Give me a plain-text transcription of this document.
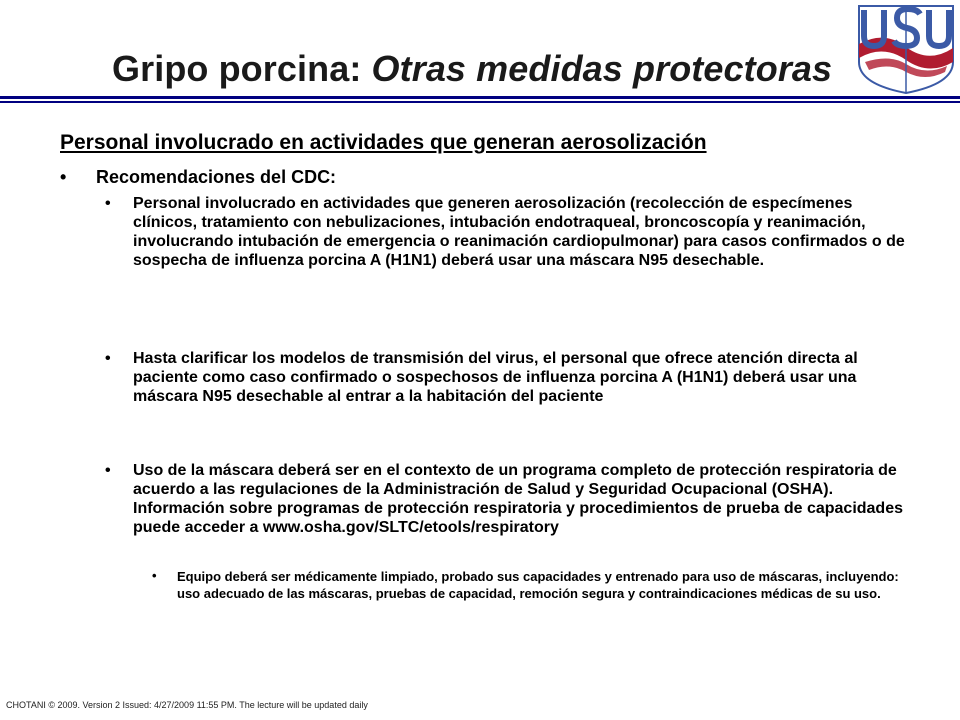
Gripo porcina: Otras medidas protectoras
Personal involucrado en actividades que generan aerosolización
• Recomendaciones del CDC:
• Personal involucrado en actividades que generen aerosolización (recolección de especímenes clínicos, tratamiento con nebulizaciones, intubación endotraqueal, broncoscopía y reanimación, involucrando intubación de emergencia o reanimación cardiopulmonar) para casos confirmados o de sospecha de influenza porcina A (H1N1) deberá usar una máscara N95 desechable.
• Hasta clarificar los modelos de transmisión del virus, el personal que ofrece atención directa al paciente como caso confirmado o sospechosos de influenza porcina A (H1N1) deberá usar una máscara N95 desechable al entrar a la habitación del paciente
• Uso de la máscara deberá ser en el contexto de un programa completo de protección respiratoria de acuerdo a las regulaciones de la Administración de Salud y Seguridad Ocupacional (OSHA). Información sobre programas de protección respiratoria y procedimientos de prueba de capacidades puede acceder a www.osha.gov/SLTC/etools/respiratory
• Equipo deberá ser médicamente limpiado, probado sus capacidades y entrenado para uso de máscaras, incluyendo: uso adecuado de las máscaras, pruebas de capacidad, remoción segura y contraindicaciones médicas de su uso.
CHOTANI © 2009. Version 2 Issued: 4/27/2009 11:55 PM. The lecture will be updated daily
